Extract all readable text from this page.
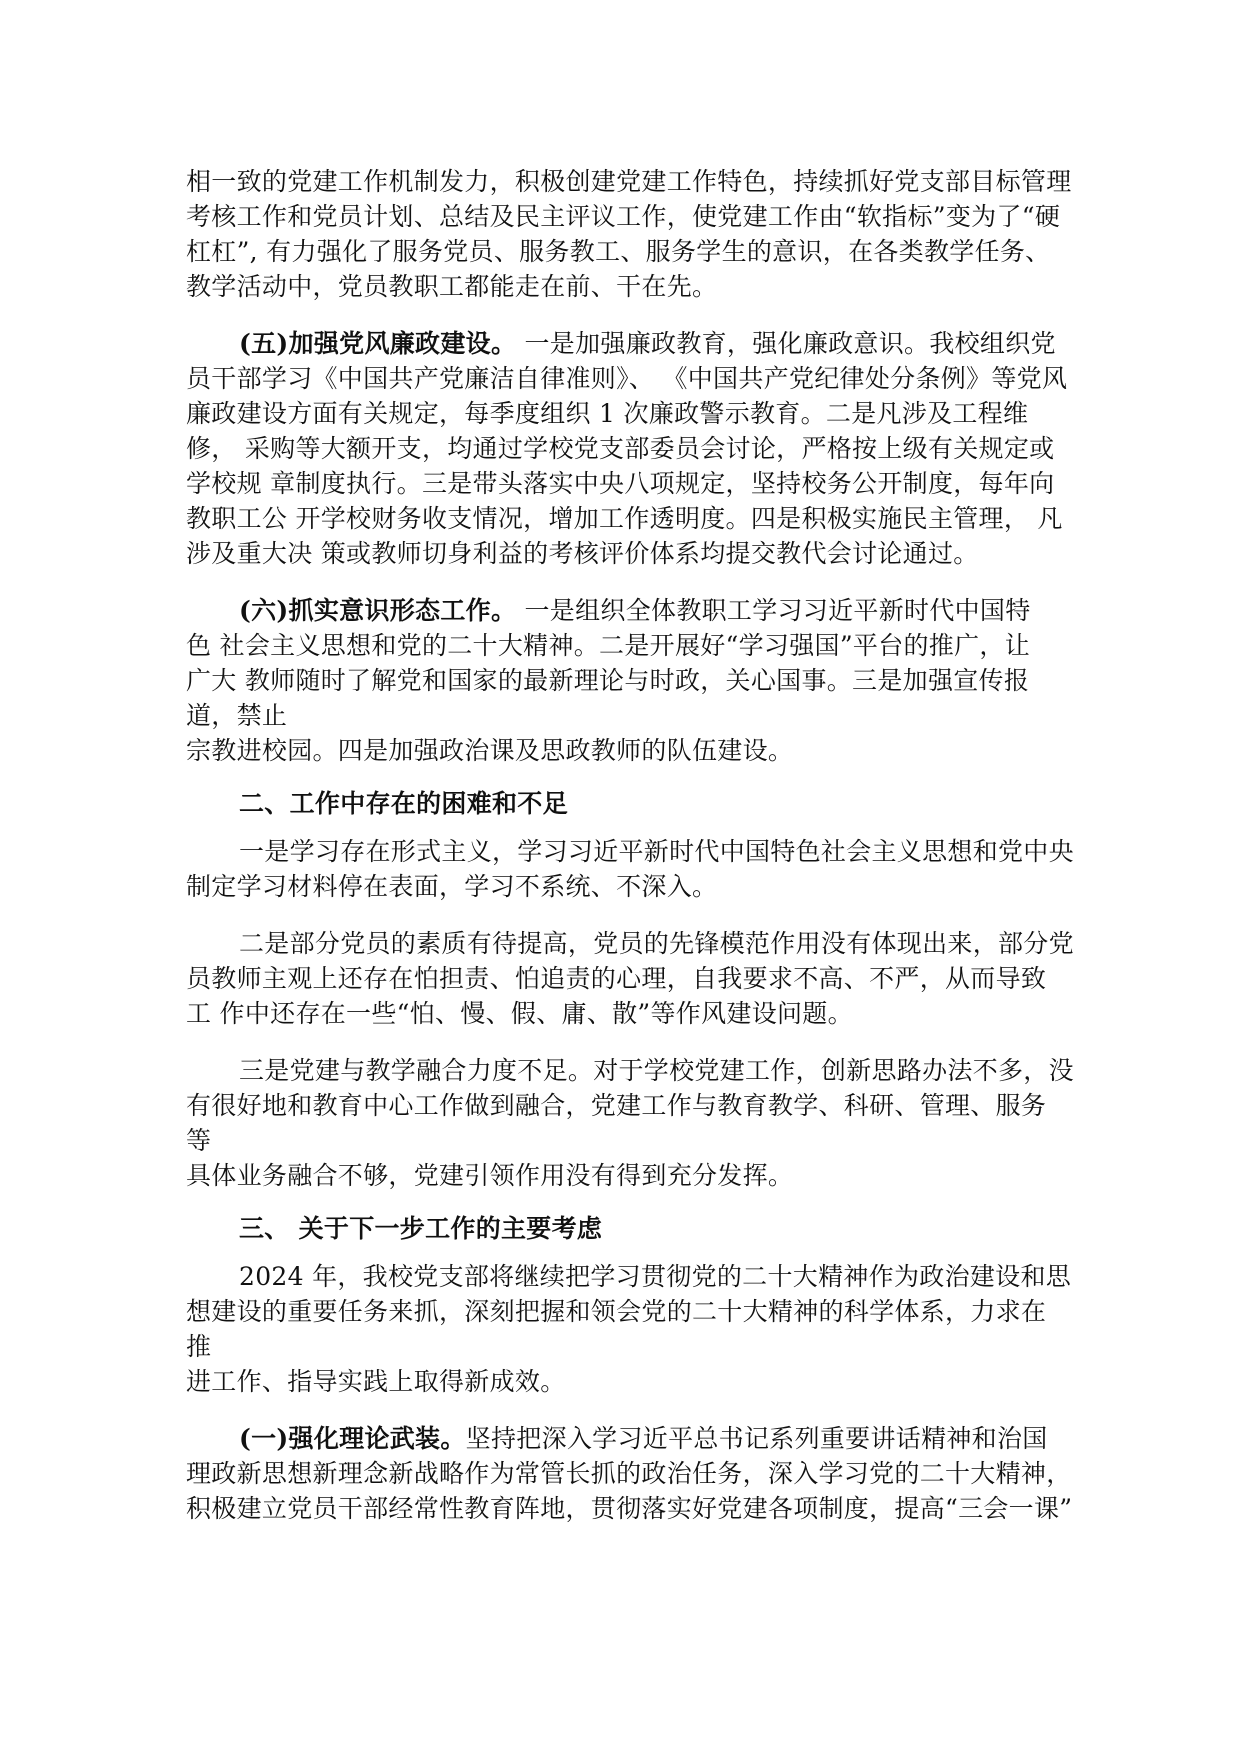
相一致的党建工作机制发力，积极创建党建工作特色，持续抓好党支部目标管理
考核工作和党员计划、总结及民主评议工作，使党建工作由“软指标”变为了“硬
杠杠”, 有力强化了服务党员、服务教工、服务学生的意识，在各类教学任务、
教学活动中，党员教职工都能走在前、干在先。
(五)加强党风廉政建设。 一是加强廉政教育，强化廉政意识。我校组织党
员干部学习《中国共产党廉洁自律准则》、 《中国共产党纪律处分条例》等党风
廉政建设方面有关规定，每季度组织 1 次廉政警示教育。二是凡涉及工程维
修， 采购等大额开支，均通过学校党支部委员会讨论，严格按上级有关规定或
学校规 章制度执行。三是带头落实中央八项规定，坚持校务公开制度，每年向
教职工公 开学校财务收支情况，增加工作透明度。四是积极实施民主管理， 凡
涉及重大决 策或教师切身利益的考核评价体系均提交教代会讨论通过。
(六)抓实意识形态工作。 一是组织全体教职工学习习近平新时代中国特
色 社会主义思想和党的二十大精神。二是开展好“学习强国”平台的推广，让
广大 教师随时了解党和国家的最新理论与时政，关心国事。三是加强宣传报
道，禁止
宗教进校园。四是加强政治课及思政教师的队伍建设。
二、工作中存在的困难和不足
一是学习存在形式主义，学习习近平新时代中国特色社会主义思想和党中央
制定学习材料停在表面，学习不系统、不深入。
二是部分党员的素质有待提高，党员的先锋模范作用没有体现出来，部分党
员教师主观上还存在怕担责、怕追责的心理，自我要求不高、不严，从而导致
工 作中还存在一些“怕、慢、假、庸、散”等作风建设问题。
三是党建与教学融合力度不足。对于学校党建工作，创新思路办法不多，没
有很好地和教育中心工作做到融合，党建工作与教育教学、科研、管理、服务
等
具体业务融合不够，党建引领作用没有得到充分发挥。
三、 关于下一步工作的主要考虑
2024 年，我校党支部将继续把学习贯彻党的二十大精神作为政治建设和思
想建设的重要任务来抓，深刻把握和领会党的二十大精神的科学体系，力求在
推
进工作、指导实践上取得新成效。
(一)强化理论武装。坚持把深入学习近平总书记系列重要讲话精神和治国
理政新思想新理念新战略作为常管长抓的政治任务，深入学习党的二十大精神，
积极建立党员干部经常性教育阵地，贯彻落实好党建各项制度，提高“三会一课”
